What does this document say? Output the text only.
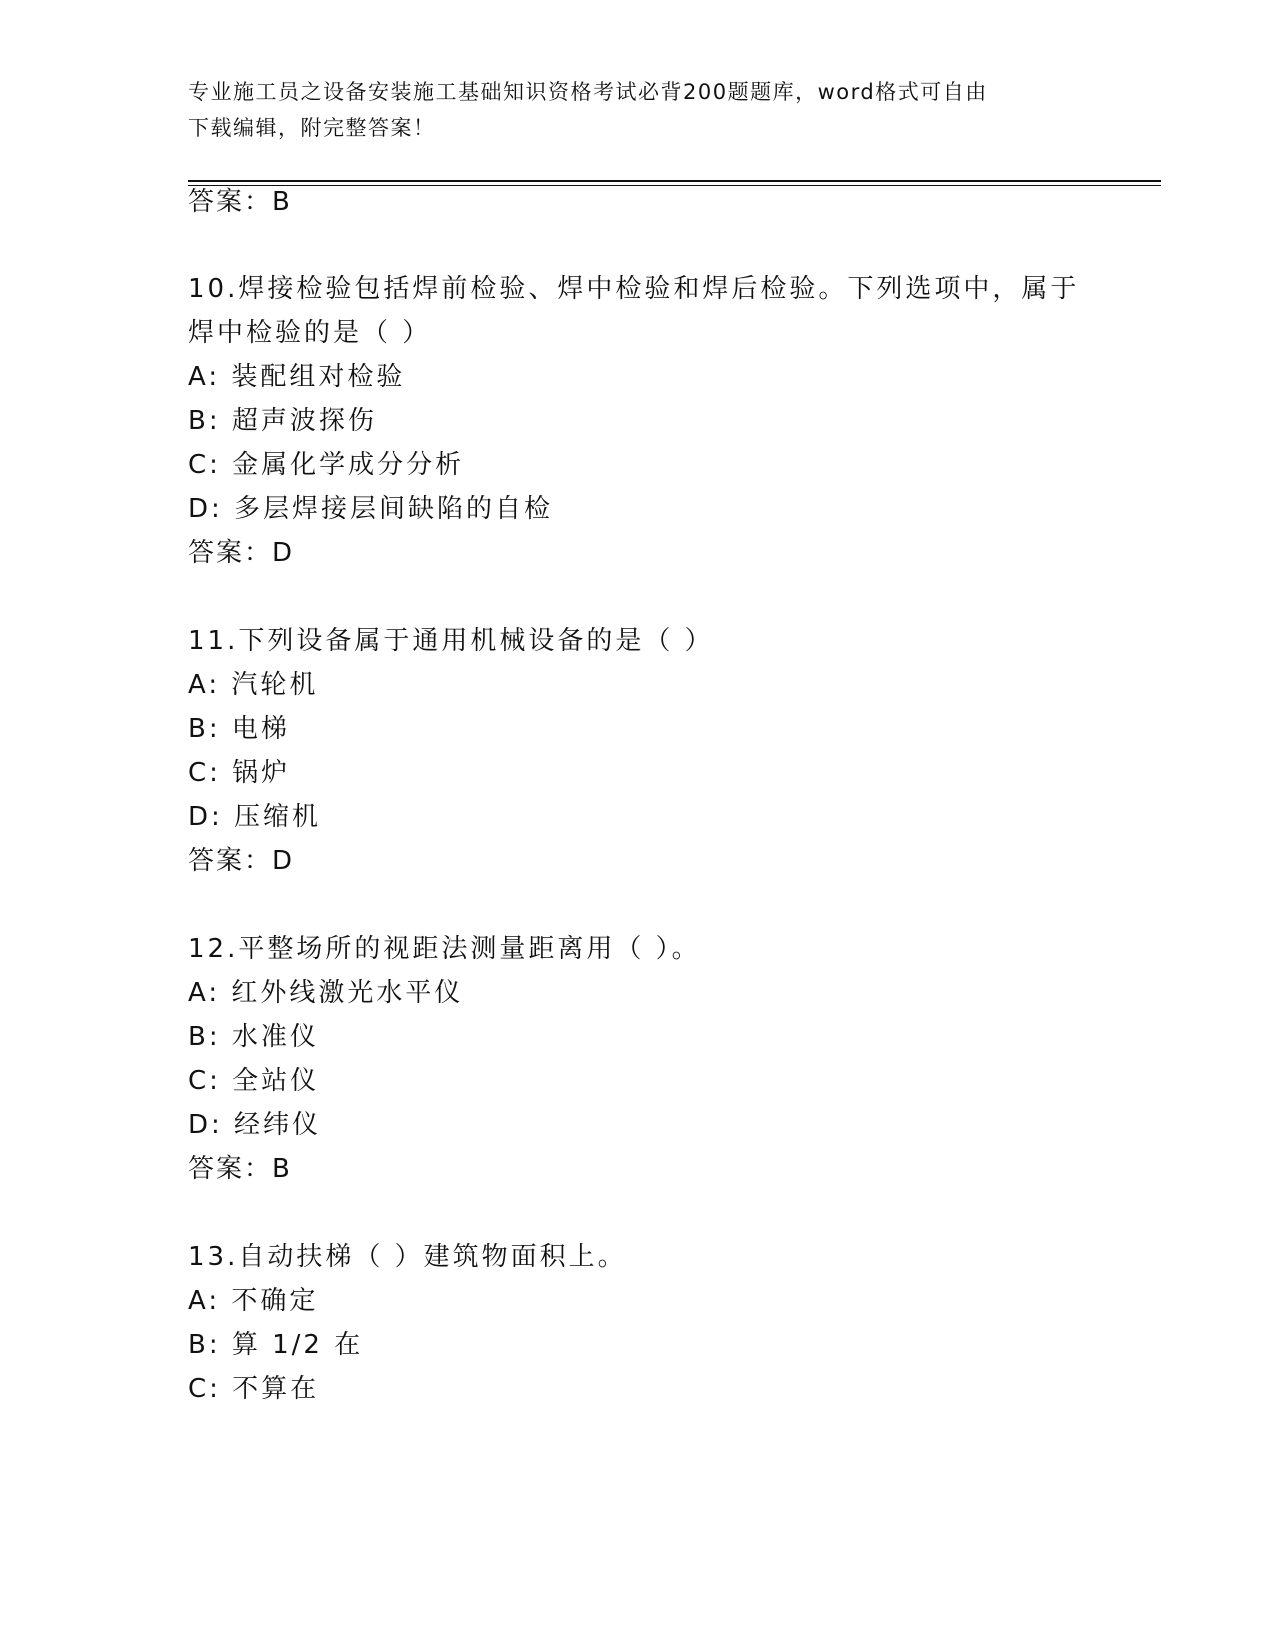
专业施工员之设备安装施工基础知识资格考试必背200题题库，word格式可自由
下载编辑，附完整答案！
答案：B
10.焊接检验包括焊前检验、焊中检验和焊后检验。下列选项中，属于
焊中检验的是（ ）
A: 装配组对检验
B: 超声波探伤
C: 金属化学成分分析
D: 多层焊接层间缺陷的自检
答案：D
11.下列设备属于通用机械设备的是（ ）
A: 汽轮机
B: 电梯
C: 锅炉
D: 压缩机
答案：D
12.平整场所的视距法测量距离用（ ）。
A: 红外线激光水平仪
B: 水准仪
C: 全站仪
D: 经纬仪
答案：B
13.自动扶梯（ ）建筑物面积上。
A: 不确定
B: 算 1/2 在
C: 不算在
